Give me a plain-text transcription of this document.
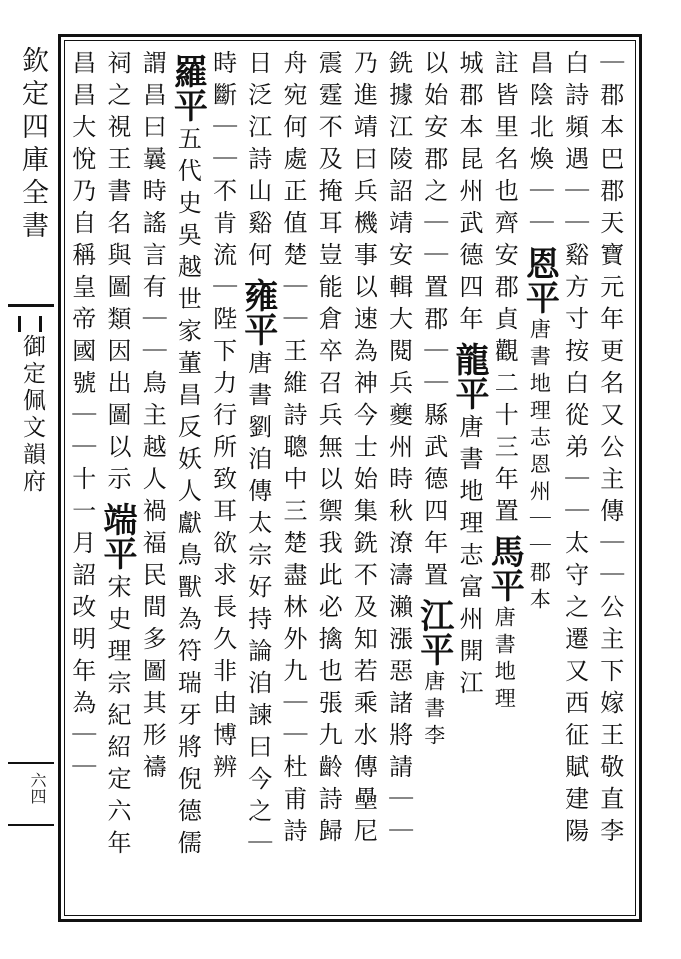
欽定四庫全書
御定佩文韻府
六四	｜郡本巴郡天寶元年更名又公主傳｜｜公主下嫁王敬直李
白詩頻遇｜｜谿方寸按白從弟｜｜太守之遷又西征賦建陽
昌陰北煥｜｜恩平唐書地理志恩州｜｜郡本
註皆里名也齊安郡貞觀二十三年置馬平唐書地理
城郡本昆州武德四年龍平唐書地理志富州開江
以始安郡之｜｜置郡｜｜縣武德四年置江平唐書李
銑據江陵詔靖安輯大閱兵夔州時秋潦濤瀨漲惡諸將請｜｜
乃進靖曰兵機事以速為神今士始集銑不及知若乘水傳壘尼
震霆不及掩耳豈能倉卒召兵無以禦我此必擒也張九齡詩歸
舟宛何處正值楚｜｜王維詩聰中三楚盡林外九｜｜杜甫詩
日泛江詩山谿何雍平唐書劉洎傳太宗好持論洎諫曰今之｜
時斷｜｜不肯流｜陛下力行所致耳欲求長久非由博辨
羅平五代史吳越世家董昌反妖人獻鳥獸為符瑞牙將倪德儒
謂昌曰曩時謠言有｜｜鳥主越人禍福民間多圖其形禱
祠之視王書名與圖類因出圖以示端平宋史理宗紀紹定六年
昌昌大悅乃自稱皇帝國號｜｜十一月詔改明年為｜｜
